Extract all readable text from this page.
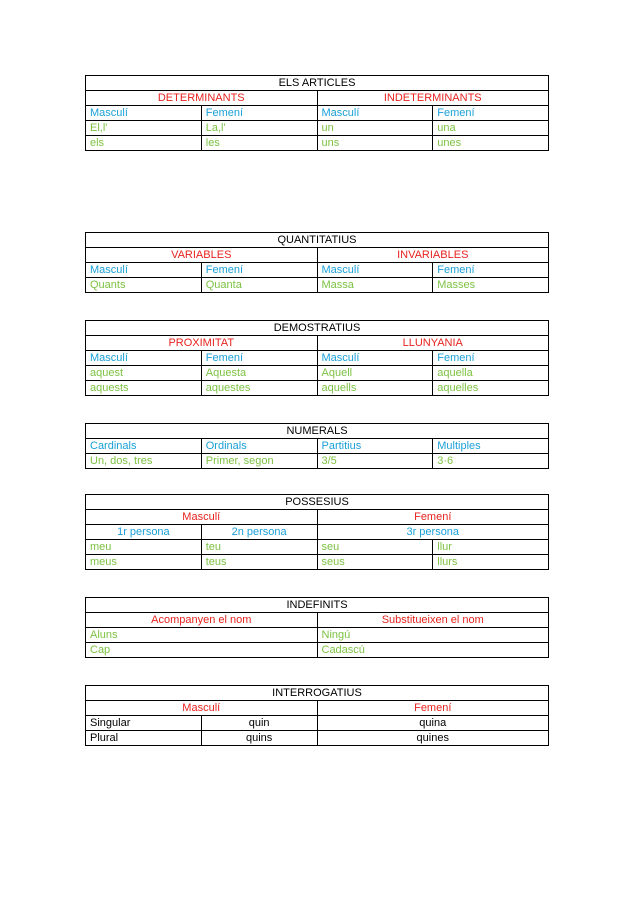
ELS ARTICLES			
DETERMINANTS		INDETERMINANTS	
Masculí	Femení	Masculí	Femení
El,l'	La,l'	un	una
els	les	uns	unes
QUANTITATIUS			
VARIABLES		INVARIABLES	
Masculí	Femení	Masculí	Femení
Quants	Quanta	Massa	Masses
DEMOSTRATIUS			
PROXIMITAT		LLUNYANIA	
Masculí	Femení	Masculí	Femení
aquest	Aquesta	Aquell	aquella
aquests	aquestes	aquells	aquelles
NUMERALS			
Cardinals	Ordinals	Partitius	Multiples
Un, dos, tres	Primer, segon	3/5	3·6
POSSESIUS			
Masculí		Femení	
1r persona	2n persona	3r persona	
meu	teu	seu	llur
meus	teus	seus	llurs
INDEFINITS	
Acompanyen el nom	Substitueixen el nom
Aluns	Ningú
Cap	Cadascú
INTERROGATIUS		
Masculí		Femení
Singular	quin	quina
Plural	quins	quines
